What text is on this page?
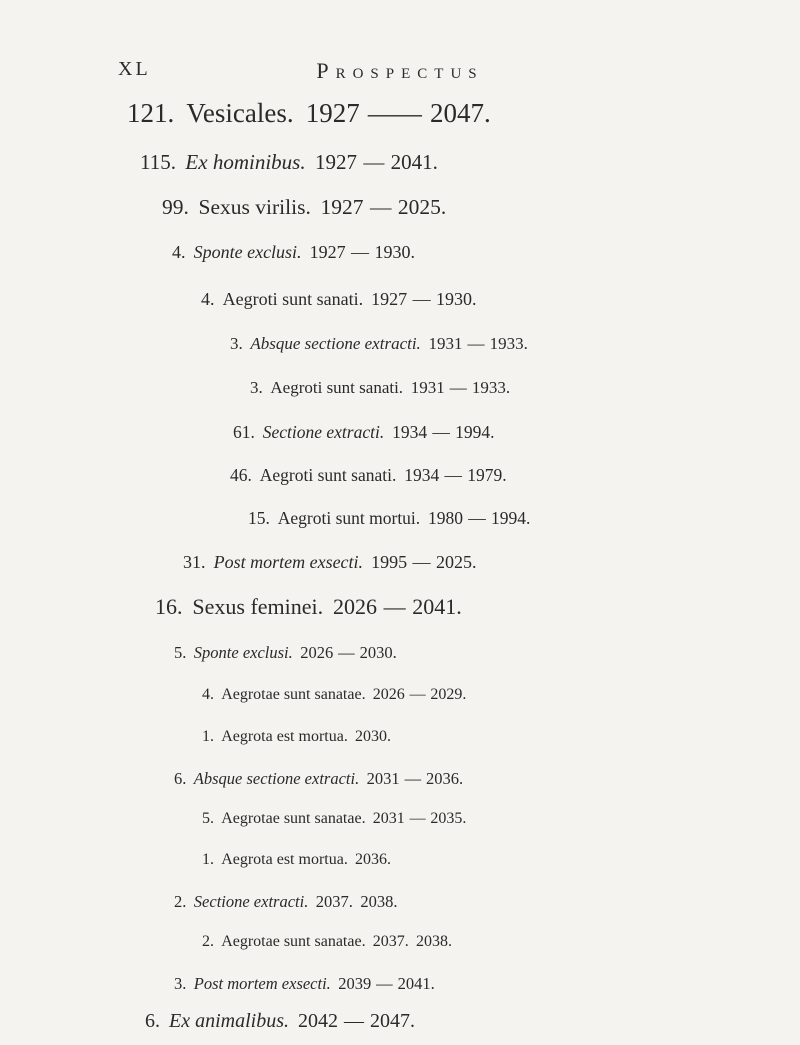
XL	Prospectus
121. Vesicales. 1927 —— 2047.
115. Ex hominibus. 1927 — 2041.
99. Sexus virilis. 1927 — 2025.
4. Sponte exclusi. 1927 — 1930.
4. Aegroti sunt sanati. 1927 — 1930.
3. Absque sectione extracti. 1931 — 1933.
3. Aegroti sunt sanati. 1931 — 1933.
61. Sectione extracti. 1934 — 1994.
46. Aegroti sunt sanati. 1934 — 1979.
15. Aegroti sunt mortui. 1980 — 1994.
31. Post mortem exsecti. 1995 — 2025.
16. Sexus feminei. 2026 — 2041.
5. Sponte exclusi. 2026 — 2030.
4. Aegrotae sunt sanatae. 2026 — 2029.
1. Aegrota est mortua. 2030.
6. Absque sectione extracti. 2031 — 2036.
5. Aegrotae sunt sanatae. 2031 — 2035.
1. Aegrota est mortua. 2036.
2. Sectione extracti. 2037. 2038.
2. Aegrotae sunt sanatae. 2037. 2038.
3. Post mortem exsecti. 2039 — 2041.
6. Ex animalibus. 2042 — 2047.
